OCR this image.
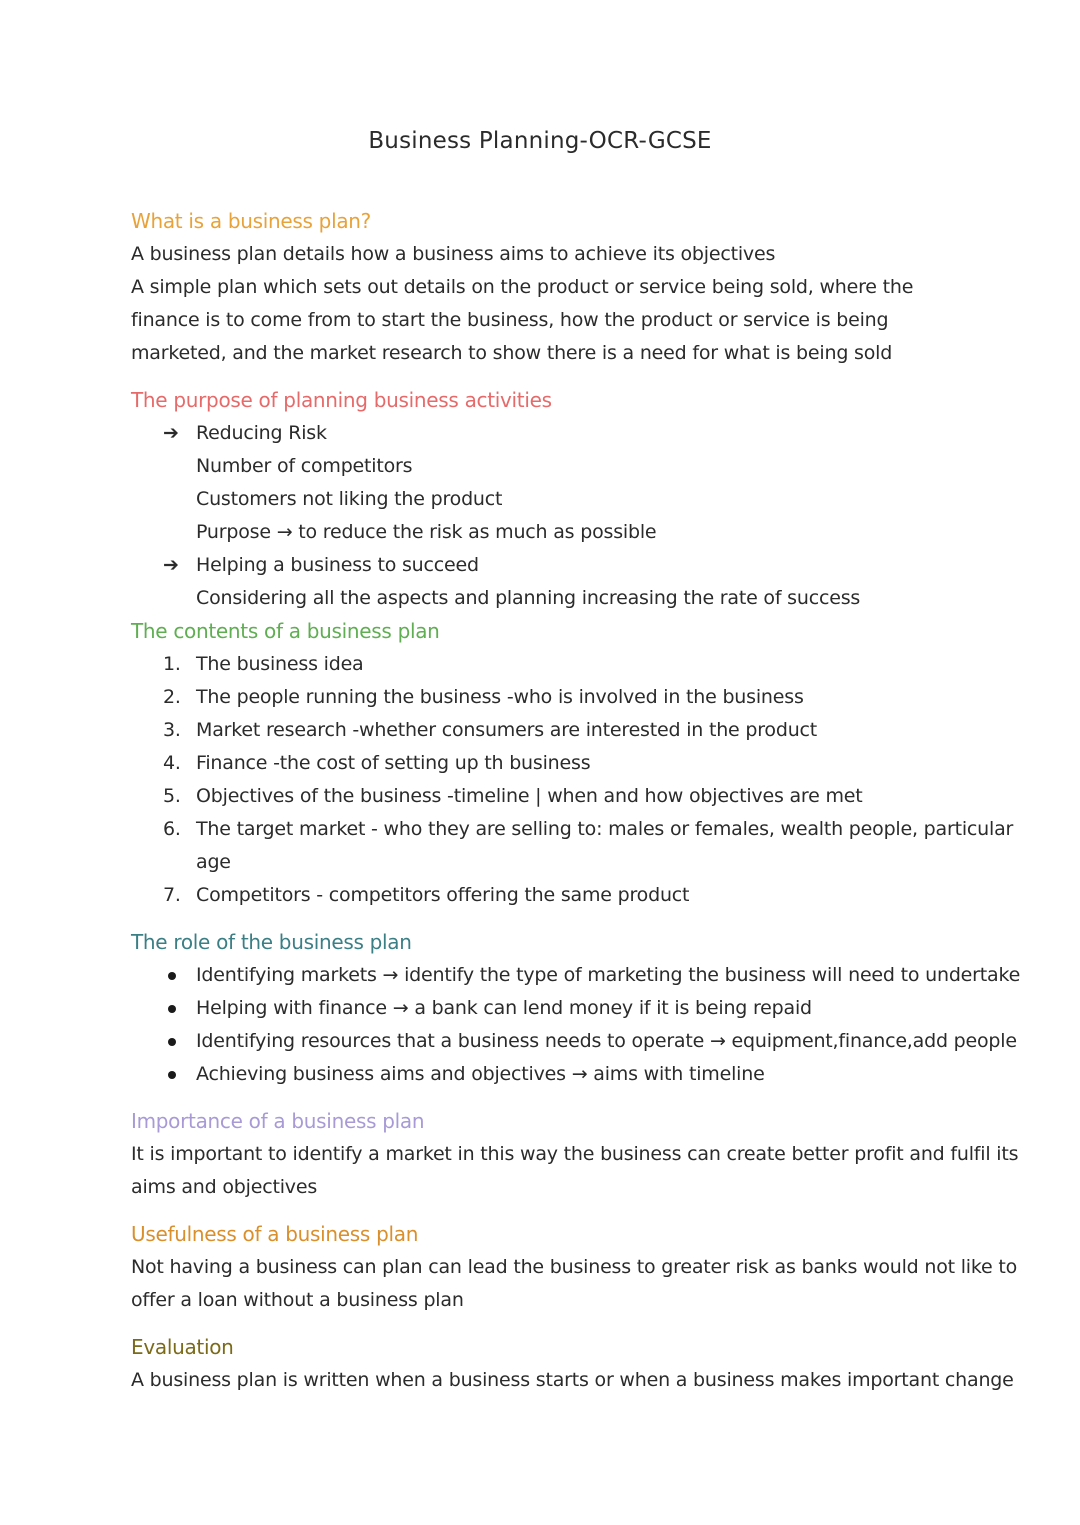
Business Planning-OCR-GCSE
What is a business plan?
A business plan details how a business aims to achieve its objectives
A simple plan which sets out details on the product or service being sold, where the finance is to come from to start the business, how the product or service is being marketed, and the market research to show there is a need for what is being sold
The purpose of planning business activities
➔ Reducing Risk
Number of competitors
Customers not liking the product
Purpose → to reduce the risk as much as possible
➔ Helping a business to succeed
Considering all the aspects and planning increasing the rate of success
The contents of a business plan
1. The business idea
2. The people running the business -who is involved in the business
3. Market research -whether consumers are interested in the product
4. Finance -the cost of setting up th business
5. Objectives of the business -timeline | when and how objectives are met
6. The target market - who they are selling to: males or females, wealth people, particular age
7. Competitors - competitors offering the same product
The role of the business plan
Identifying markets → identify the type of marketing the business will need to undertake
Helping with finance → a bank can lend money if it is being repaid
Identifying resources that a business needs to operate → equipment,finance,add people
Achieving business aims and objectives → aims with timeline
Importance of a business plan
It is important to identify a market in this way the business can create better profit and fulfil its aims and objectives
Usefulness of a business plan
Not having a business can plan can lead the business to greater risk as banks would not like to offer a loan without a business plan
Evaluation
A business plan is written when a business starts or when a business makes important change
